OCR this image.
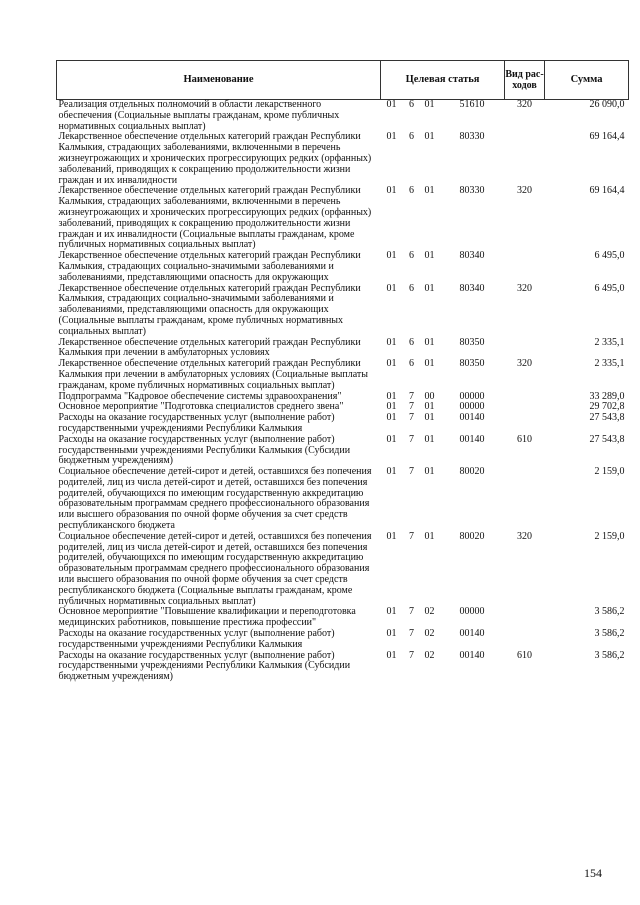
Наименование	Целевая статья				Вид рас- ходов	Сумма
Реализация отдельных полномочий в области лекарственного обеспечения (Социальные выплаты гражданам, кроме публичных нормативных социальных выплат)	01	6	01	51610	320	26 090,0
Лекарственное обеспечение отдельных категорий граждан Республики Калмыкия, страдающих заболеваниями, включенными в перечень жизнеугрожающих и хронических прогрессирующих редких (орфанных) заболеваний, приводящих к сокращению продолжительности жизни граждан и их инвалидности	01	6	01	80330		69 164,4
Лекарственное обеспечение отдельных категорий граждан Республики Калмыкия, страдающих заболеваниями, включенными в перечень жизнеугрожающих и хронических прогрессирующих редких (орфанных) заболеваний, приводящих к сокращению продолжительности жизни граждан и их инвалидности (Социальные выплаты гражданам, кроме публичных нормативных социальных выплат)	01	6	01	80330	320	69 164,4
Лекарственное обеспечение отдельных категорий граждан Республики Калмыкия, страдающих социально-значимыми заболеваниями и заболеваниями, представляющими опасность для окружающих	01	6	01	80340		6 495,0
Лекарственное обеспечение отдельных категорий граждан Республики Калмыкия, страдающих социально-значимыми заболеваниями и заболеваниями, представляющими опасность для окружающих (Социальные выплаты гражданам, кроме публичных нормативных социальных выплат)	01	6	01	80340	320	6 495,0
Лекарственное обеспечение отдельных категорий граждан Республики Калмыкия при лечении в амбулаторных условиях	01	6	01	80350		2 335,1
Лекарственное обеспечение отдельных категорий граждан Республики Калмыкия при лечении в амбулаторных условиях (Социальные выплаты гражданам, кроме публичных нормативных социальных выплат)	01	6	01	80350	320	2 335,1
Подпрограмма "Кадровое обеспечение системы здравоохранения"	01	7	00	00000		33 289,0
Основное мероприятие "Подготовка специалистов среднего звена"	01	7	01	00000		29 702,8
Расходы на оказание государственных услуг (выполнение работ) государственными учреждениями Республики Калмыкия	01	7	01	00140		27 543,8
Расходы на оказание государственных услуг (выполнение работ) государственными учреждениями Республики Калмыкия (Субсидии бюджетным учреждениям)	01	7	01	00140	610	27 543,8
Социальное обеспечение детей-сирот и детей, оставшихся без попечения родителей, лиц из числа детей-сирот и детей, оставшихся без попечения родителей, обучающихся по имеющим государственную аккредитацию образовательным программам среднего профессионального образования или высшего образования по очной форме обучения за счет средств республиканского бюджета	01	7	01	80020		2 159,0
Социальное обеспечение детей-сирот и детей, оставшихся без попечения родителей, лиц из числа детей-сирот и детей, оставшихся без попечения родителей, обучающихся по имеющим государственную аккредитацию образовательным программам среднего профессионального образования или высшего образования по очной форме обучения за счет средств республиканского бюджета (Социальные выплаты гражданам, кроме публичных нормативных социальных выплат)	01	7	01	80020	320	2 159,0
Основное мероприятие "Повышение квалификации и переподготовка медицинских работников, повышение престижа профессии"	01	7	02	00000		3 586,2
Расходы на оказание государственных услуг (выполнение работ) государственными учреждениями Республики Калмыкия	01	7	02	00140		3 586,2
Расходы на оказание государственных услуг (выполнение работ) государственными учреждениями Республики Калмыкия (Субсидии бюджетным учреждениям)	01	7	02	00140	610	3 586,2
154
